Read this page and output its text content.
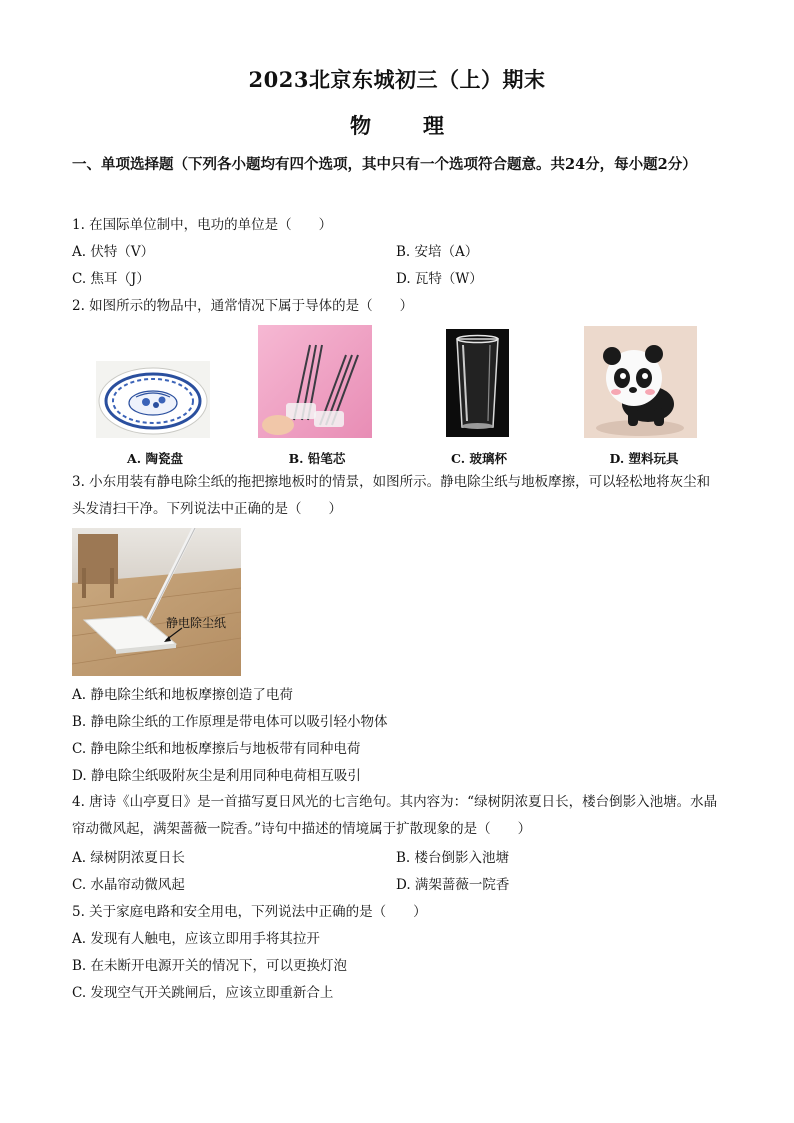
2023北京东城初三（上）期末
物 理
一、单项选择题（下列各小题均有四个选项，其中只有一个选项符合题意。共24分，每小题2分）
1. 在国际单位制中，电功的单位是（　　）
A. 伏特（V）	B. 安培（A）
C. 焦耳（J）	D. 瓦特（W）
2. 如图所示的物品中，通常情况下属于导体的是（　　）
A. 陶瓷盘	B. 铅笔芯	C. 玻璃杯	D. 塑料玩具
3. 小东用装有静电除尘纸的拖把擦地板时的情景，如图所示。静电除尘纸与地板摩擦，可以轻松地将灰尘和头发清扫干净。下列说法中正确的是（　　）
静电除尘纸
A. 静电除尘纸和地板摩擦创造了电荷
B. 静电除尘纸的工作原理是带电体可以吸引轻小物体
C. 静电除尘纸和地板摩擦后与地板带有同种电荷
D. 静电除尘纸吸附灰尘是利用同种电荷相互吸引
4. 唐诗《山亭夏日》是一首描写夏日风光的七言绝句。其内容为：“绿树阴浓夏日长，楼台倒影入池塘。水晶帘动微风起，满架蔷薇一院香。”诗句中描述的情境属于扩散现象的是（　　）
A. 绿树阴浓夏日长	B. 楼台倒影入池塘
C. 水晶帘动微风起	D. 满架蔷薇一院香
5. 关于家庭电路和安全用电，下列说法中正确的是（　　）
A. 发现有人触电，应该立即用手将其拉开
B. 在未断开电源开关的情况下，可以更换灯泡
C. 发现空气开关跳闸后，应该立即重新合上
